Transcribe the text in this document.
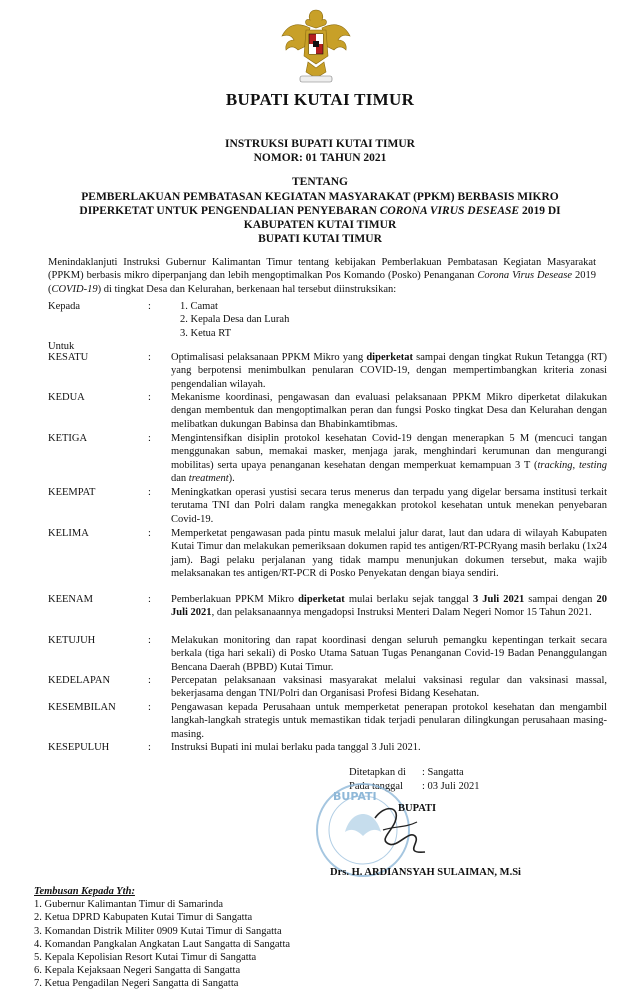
BUPATI KUTAI TIMUR
INSTRUKSI BUPATI KUTAI TIMUR
NOMOR: 01 TAHUN 2021
TENTANG
PEMBERLAKUAN PEMBATASAN KEGIATAN MASYARAKAT (PPKM) BERBASIS MIKRO
DIPERKETAT UNTUK PENGENDALIAN PENYEBARAN CORONA VIRUS DESEASE 2019 DI
KABUPATEN KUTAI TIMUR
BUPATI KUTAI TIMUR
Menindaklanjuti Instruksi Gubernur Kalimantan Timur tentang kebijakan Pemberlakuan Pembatasan Kegiatan Masyarakat (PPKM) berbasis mikro diperpanjang dan lebih mengoptimalkan Pos Komando (Posko) Penanganan Corona Virus Desease 2019 (COVID-19) di tingkat Desa dan Kelurahan, berkenaan hal tersebut diinstruksikan:
Kepada	:	1. Camat
2. Kepala Desa dan Lurah
3. Ketua RT
Untuk
KESATU	: Optimalisasi pelaksanaan PPKM Mikro yang diperketat sampai dengan tingkat Rukun Tetangga (RT) yang berpotensi menimbulkan penularan COVID-19, dengan mempertimbangkan kriteria zonasi pengendalian wilayah.
KEDUA	: Mekanisme koordinasi, pengawasan dan evaluasi pelaksanaan PPKM Mikro diperketat dilakukan dengan membentuk dan mengoptimalkan peran dan fungsi Posko tingkat Desa dan Kelurahan dengan melibatkan dukungan Babinsa dan Bhabinkamtibmas.
KETIGA	: Mengintensifkan disiplin protokol kesehatan Covid-19 dengan menerapkan 5 M (mencuci tangan menggunakan sabun, memakai masker, menjaga jarak, menghindari kerumunan dan mengurangi mobilitas) serta upaya penanganan kesehatan dengan memperkuat kemampuan 3 T (tracking, testing dan treatment).
KEEMPAT	: Meningkatkan operasi yustisi secara terus menerus dan terpadu yang digelar bersama institusi terkait terutama TNI dan Polri dalam rangka menegakkan protokol kesehatan untuk menekan penyebaran Covid-19.
KELIMA	: Memperketat pengawasan pada pintu masuk melalui jalur darat, laut dan udara di wilayah Kabupaten Kutai Timur dan melakukan pemeriksaan dokumen rapid tes antigen/RT-PCRyang masih berlaku (1x24 jam). Bagi pelaku perjalanan yang tidak mampu menunjukan dokumen tersebut, maka wajib melaksanakan tes antigen/RT-PCR di Posko Penyekatan dengan biaya sendiri.
KEENAM	: Pemberlakuan PPKM Mikro diperketat mulai berlaku sejak tanggal 3 Juli 2021 sampai dengan 20 Juli 2021, dan pelaksanaannya mengadopsi Instruksi Menteri Dalam Negeri Nomor 15 Tahun 2021.
KETUJUH	: Melakukan monitoring dan rapat koordinasi dengan seluruh pemangku kepentingan terkait secara berkala (tiga hari sekali) di Posko Utama Satuan Tugas Penanganan Covid-19 Badan Penanggulangan Bencana Daerah (BPBD) Kutai Timur.
KEDELAPAN	: Percepatan pelaksanaan vaksinasi masyarakat melalui vaksinasi regular dan vaksinasi massal, bekerjasama dengan TNI/Polri dan Organisasi Profesi Bidang Kesehatan.
KESEMBILAN	: Pengawasan kepada Perusahaan untuk memperketat penerapan protokol kesehatan dan mengambil langkah-langkah strategis untuk memastikan tidak terjadi penularan dilingkungan perusahaan masing-masing.
KESEPULUH	: Instruksi Bupati ini mulai berlaku pada tanggal 3 Juli 2021.
Ditetapkan di : Sangatta
Pada tanggal : 03 Juli 2021
BUPATI
BUPATI
Drs. H. ARDIANSYAH SULAIMAN, M.Si
Tembusan Kepada Yth:
1. Gubernur Kalimantan Timur di Samarinda
2. Ketua DPRD Kabupaten Kutai Timur di Sangatta
3. Komandan Distrik Militer 0909 Kutai Timur di Sangatta
4. Komandan Pangkalan Angkatan Laut Sangatta di Sangatta
5. Kepala Kepolisian Resort Kutai Timur di Sangatta
6. Kepala Kejaksaan Negeri Sangatta di Sangatta
7. Ketua Pengadilan Negeri Sangatta di Sangatta
